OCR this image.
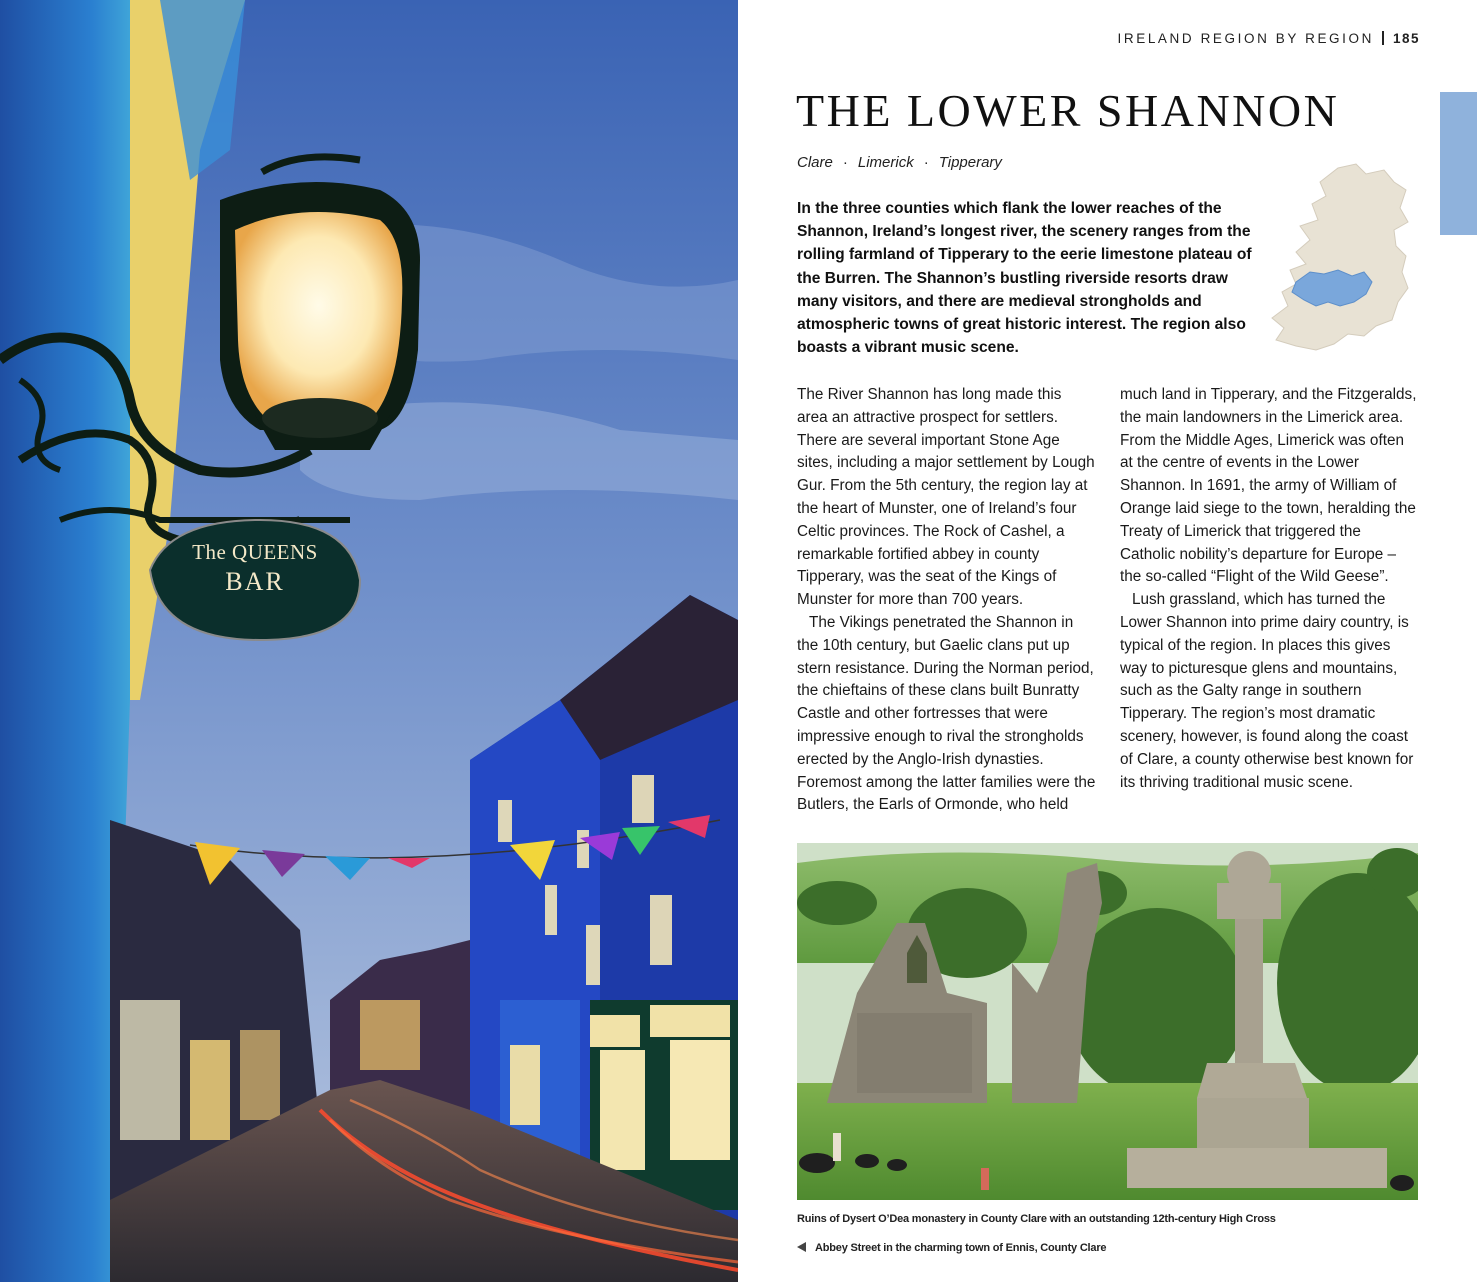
The QUEENS
BAR
IRELAND REGION BY REGION 185
THE LOWER SHANNON
Clare · Limerick · Tipperary

In the three counties which flank the lower reaches of the Shannon, Ireland’s longest river, the scenery ranges from the rolling farmland of Tipperary to the eerie limestone plateau of the Burren. The Shannon’s bustling riverside resorts draw many visitors, and there are medieval strongholds and atmospheric towns of great historic interest. The region also boasts a vibrant music scene.

The River Shannon has long made this area an attractive prospect for settlers. There are several important Stone Age sites, including a major settlement by Lough Gur. From the 5th century, the region lay at the heart of Munster, one of Ireland’s four Celtic provinces. The Rock of Cashel, a remarkable fortified abbey in county Tipperary, was the seat of the Kings of Munster for more than 700 years.

The Vikings penetrated the Shannon in the 10th century, but Gaelic clans put up stern resistance. During the Norman period, the chieftains of these clans built Bunratty Castle and other fortresses that were impressive enough to rival the strongholds erected by the Anglo-Irish dynasties. Foremost among the latter families were the Butlers, the Earls of Ormonde, who held much land in Tipperary, and the Fitzgeralds, the main landowners in the Limerick area. From the Middle Ages, Limerick was often at the centre of events in the Lower Shannon. In 1691, the army of William of Orange laid siege to the town, heralding the Treaty of Limerick that triggered the Catholic nobility’s departure for Europe – the so-called “Flight of the Wild Geese”.

Lush grassland, which has turned the Lower Shannon into prime dairy country, is typical of the region. In places this gives way to picturesque glens and mountains, such as the Galty range in southern Tipperary. The region’s most dramatic scenery, however, is found along the coast of Clare, a county otherwise best known for its thriving traditional music scene.

Ruins of Dysert O’Dea monastery in County Clare with an outstanding 12th-century High Cross
Abbey Street in the charming town of Ennis, County Clare
